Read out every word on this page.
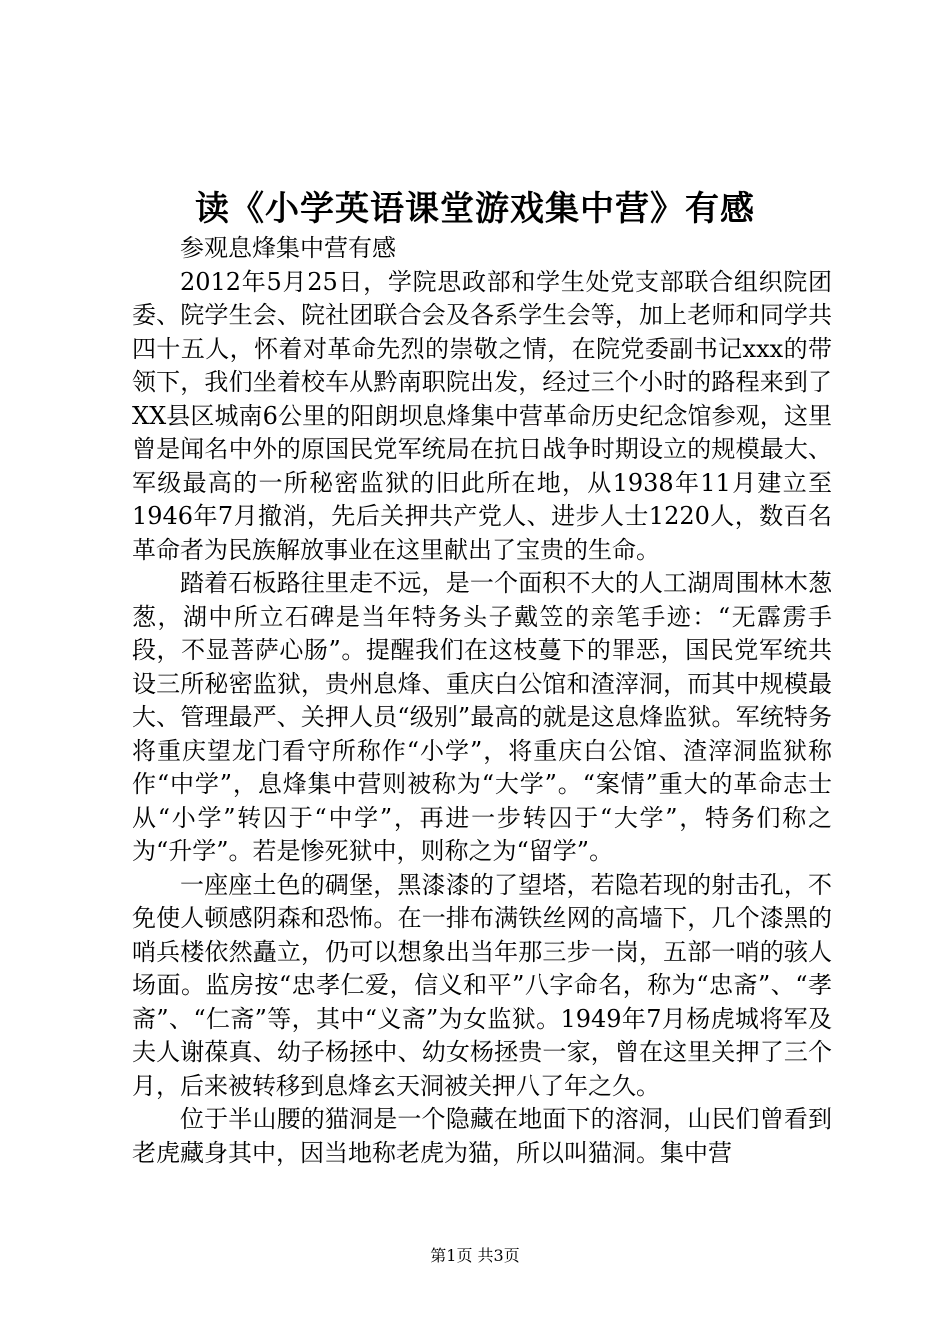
读《小学英语课堂游戏集中营》有感

参观息烽集中营有感

2012年5月25日，学院思政部和学生处党支部联合组织院团委、院学生会、院社团联合会及各系学生会等，加上老师和同学共四十五人，怀着对革命先烈的崇敬之情，在院党委副书记xxx的带领下，我们坐着校车从黔南职院出发，经过三个小时的路程来到了XX县区城南6公里的阳朗坝息烽集中营革命历史纪念馆参观，这里曾是闻名中外的原国民党军统局在抗日战争时期设立的规模最大、军级最高的一所秘密监狱的旧此所在地，从1938年11月建立至1946年7月撤消，先后关押共产党人、进步人士1220人，数百名革命者为民族解放事业在这里献出了宝贵的生命。

踏着石板路往里走不远，是一个面积不大的人工湖周围林木葱葱，湖中所立石碑是当年特务头子戴笠的亲笔手迹：“无霹雳手段，不显菩萨心肠”。提醒我们在这枝蔓下的罪恶，国民党军统共设三所秘密监狱，贵州息烽、重庆白公馆和渣滓洞，而其中规模最大、管理最严、关押人员“级别”最高的就是这息烽监狱。军统特务将重庆望龙门看守所称作“小学”，将重庆白公馆、渣滓洞监狱称作“中学”，息烽集中营则被称为“大学”。“案情”重大的革命志士从“小学”转囚于“中学”，再进一步转囚于“大学”，特务们称之为“升学”。若是惨死狱中，则称之为“留学”。

一座座土色的碉堡，黑漆漆的了望塔，若隐若现的射击孔，不免使人顿感阴森和恐怖。在一排布满铁丝网的高墙下，几个漆黑的哨兵楼依然矗立，仍可以想象出当年那三步一岗，五部一哨的骇人场面。监房按“忠孝仁爱，信义和平”八字命名，称为“忠斋”、“孝斋”、“仁斋”等，其中“义斋”为女监狱。1949年7月杨虎城将军及夫人谢葆真、幼子杨拯中、幼女杨拯贵一家，曾在这里关押了三个月，后来被转移到息烽玄天洞被关押八了年之久。

位于半山腰的猫洞是一个隐藏在地面下的溶洞，山民们曾看到老虎藏身其中，因当地称老虎为猫，所以叫猫洞。集中营

第1页 共3页
